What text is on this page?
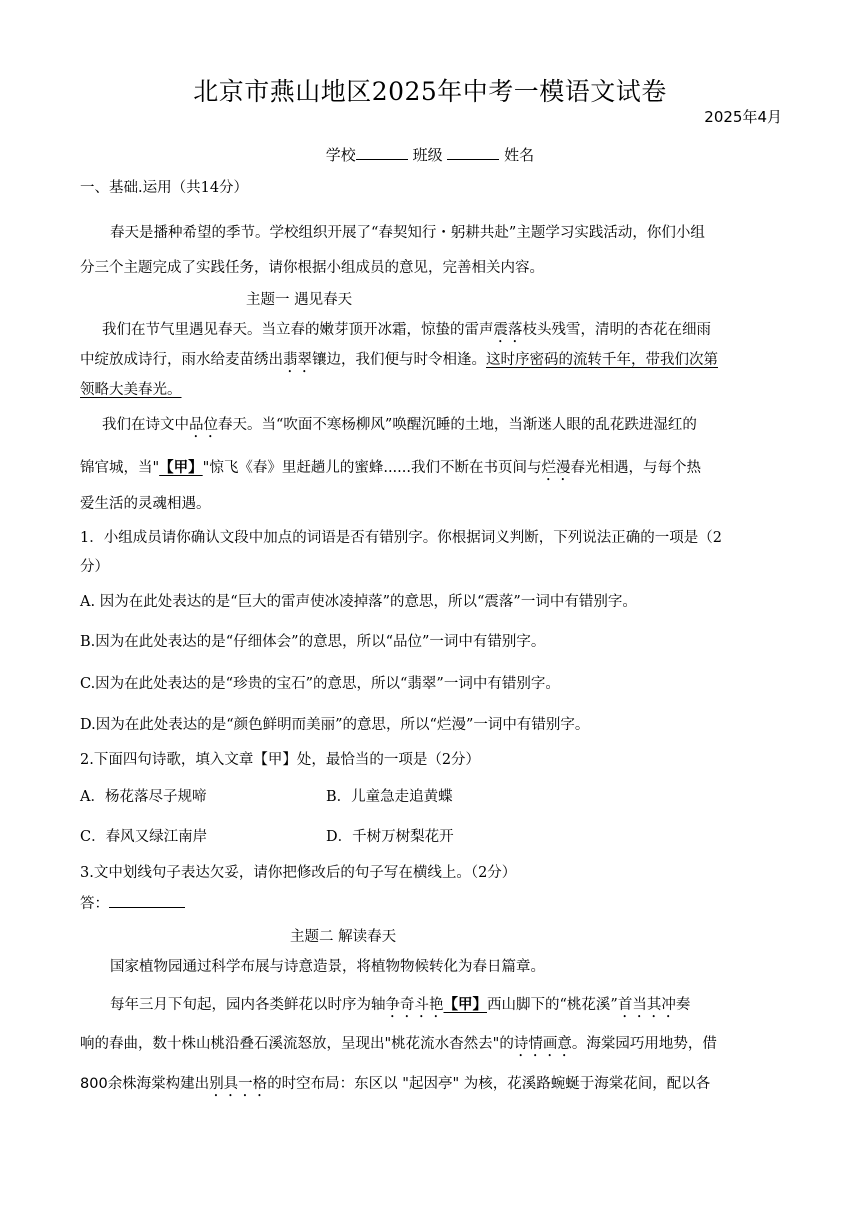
北京市燕山地区2025年中考一模语文试卷
2025年4月
学校	班级	姓名
一、基础.运用（共14分）
春天是播种希望的季节。学校组织开展了“春契知行・躬耕共赴”主题学习实践活动，你们小组
分三个主题完成了实践任务，请你根据小组成员的意见，完善相关内容。
主题一 遇见春天
我们在节气里遇见春天。当立春的嫩芽顶开冰霜，惊蛰的雷声震落枝头残雪，清明的杏花在细雨
中绽放成诗行，雨水给麦苗绣出翡翠镶边，我们便与时令相逢。这时序密码的流转千年，带我们次第
领略大美春光。
我们在诗文中品位春天。当“吹面不寒杨柳风”唤醒沉睡的土地，当渐迷人眼的乱花跌进湿红的
锦官城，当"【甲】"惊飞《春》里赶趟儿的蜜蜂......我们不断在书页间与烂漫春光相遇，与每个热
爱生活的灵魂相遇。
1．小组成员请你确认文段中加点的词语是否有错别字。你根据词义判断，下列说法正确的一项是（2
分）
A. 因为在此处表达的是“巨大的雷声使冰凌掉落”的意思，所以“震落”一词中有错别字。
B.因为在此处表达的是“仔细体会”的意思，所以“品位”一词中有错别字。
C.因为在此处表达的是“珍贵的宝石”的意思，所以“翡翠”一词中有错别字。
D.因为在此处表达的是“颜色鲜明而美丽”的意思，所以“烂漫”一词中有错别字。
2.下面四句诗歌，填入文章【甲】处，最恰当的一项是（2分）
A．杨花落尽子规啼	B．儿童急走追黄蝶
C．春风又绿江南岸	D．千树万树梨花开
3.文中划线句子表达欠妥，请你把修改后的句子写在横线上。（2分）
答：
主题二 解读春天
国家植物园通过科学布展与诗意造景，将植物物候转化为春日篇章。
每年三月下旬起，园内各类鲜花以时序为轴争奇斗艳【甲】西山脚下的“桃花溪”首当其冲奏
响的春曲，数十株山桃沿叠石溪流怒放，呈现出"桃花流水杳然去"的诗情画意。海棠园巧用地势，借
800余株海棠构建出别具一格的时空布局：东区以 "起因亭" 为核，花溪路蜿蜒于海棠花间，配以各
